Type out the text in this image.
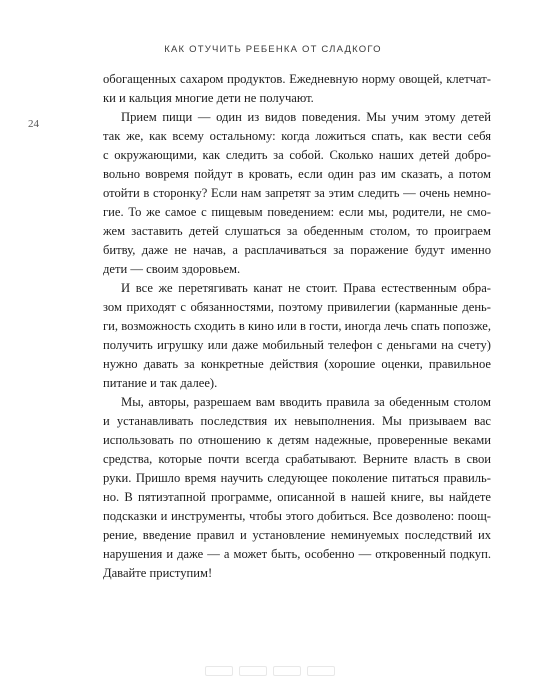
КАК ОТУЧИТЬ РЕБЕНКА ОТ СЛАДКОГО
24

обогащенных сахаром продуктов. Ежедневную норму овощей, клетчат-

ки и кальция многие дети не получают.

Прием пищи — один из видов поведения. Мы учим этому детей

так же, как всему остальному: когда ложиться спать, как вести себя

с окружающими, как следить за собой. Сколько наших детей добро-

вольно вовремя пойдут в кровать, если один раз им сказать, а потом

отойти в сторонку? Если нам запретят за этим следить — очень немно-

гие. То же самое с пищевым поведением: если мы, родители, не смо-

жем заставить детей слушаться за обеденным столом, то проиграем

битву, даже не начав, а расплачиваться за поражение будут именно

дети — своим здоровьем.

И все же перетягивать канат не стоит. Права естественным обра-

зом приходят с обязанностями, поэтому привилегии (карманные день-

ги, возможность сходить в кино или в гости, иногда лечь спать попозже,

получить игрушку или даже мобильный телефон с деньгами на счету)

нужно давать за конкретные действия (хорошие оценки, правильное

питание и так далее).

Мы, авторы, разрешаем вам вводить правила за обеденным столом

и устанавливать последствия их невыполнения. Мы призываем вас

использовать по отношению к детям надежные, проверенные веками

средства, которые почти всегда срабатывают. Верните власть в свои

руки. Пришло время научить следующее поколение питаться правиль-

но. В пятиэтапной программе, описанной в нашей книге, вы найдете

подсказки и инструменты, чтобы этого добиться. Все дозволено: поощ-

рение, введение правил и установление неминуемых последствий их

нарушения и даже — а может быть, особенно — откровенный подкуп.

Давайте приступим!
